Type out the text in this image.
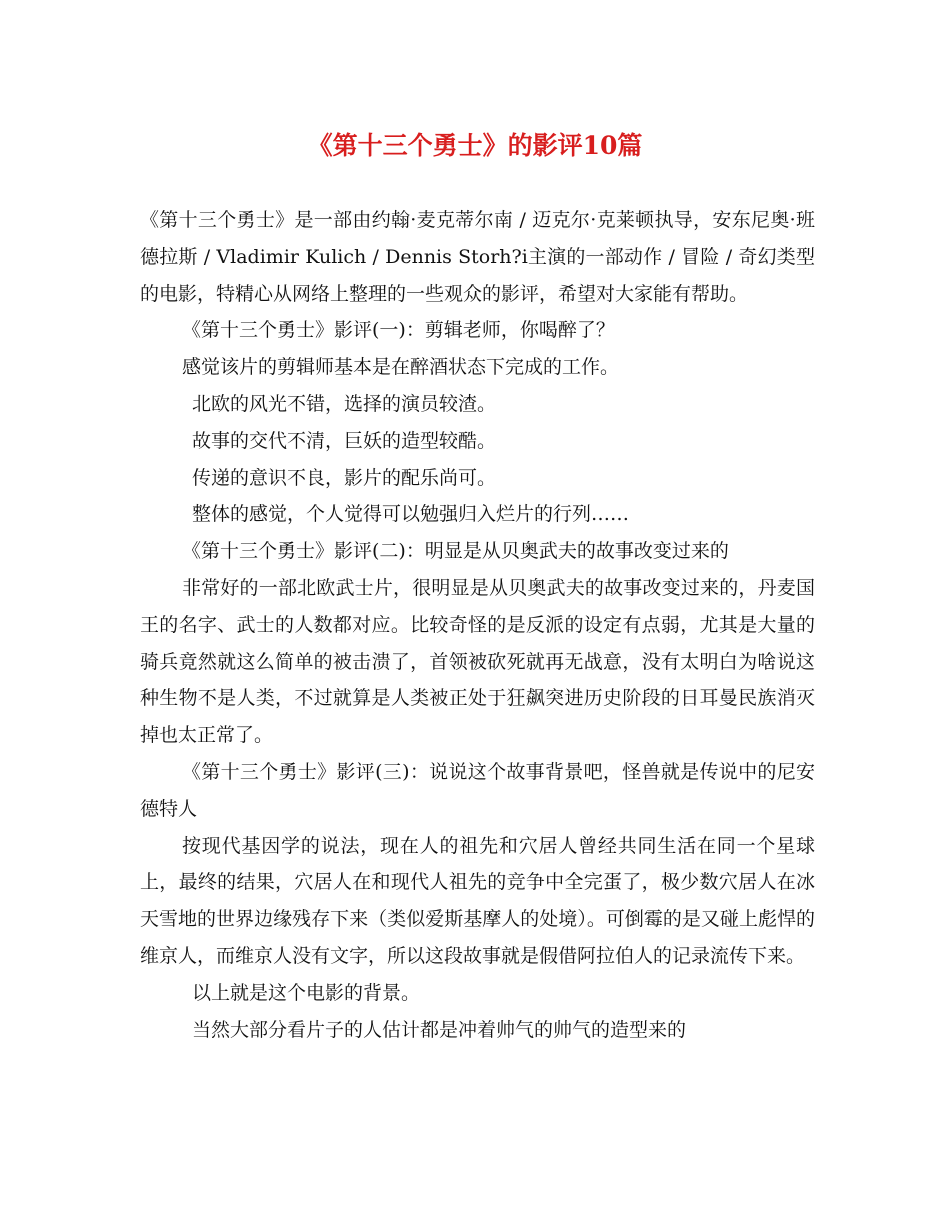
《第十三个勇士》的影评10篇

《第十三个勇士》是一部由约翰·麦克蒂尔南 / 迈克尔·克莱顿执导，安东尼奥·班德拉斯 / Vladimir Kulich / Dennis Storh?i主演的一部动作 / 冒险 / 奇幻类型的电影，特精心从网络上整理的一些观众的影评，希望对大家能有帮助。

《第十三个勇士》影评(一)：剪辑老师，你喝醉了？

感觉该片的剪辑师基本是在醉酒状态下完成的工作。

北欧的风光不错，选择的演员较渣。

故事的交代不清，巨妖的造型较酷。

传递的意识不良，影片的配乐尚可。

整体的感觉，个人觉得可以勉强归入烂片的行列……

《第十三个勇士》影评(二)：明显是从贝奥武夫的故事改变过来的

非常好的一部北欧武士片，很明显是从贝奥武夫的故事改变过来的，丹麦国王的名字、武士的人数都对应。比较奇怪的是反派的设定有点弱，尤其是大量的骑兵竟然就这么简单的被击溃了，首领被砍死就再无战意，没有太明白为啥说这种生物不是人类，不过就算是人类被正处于狂飙突进历史阶段的日耳曼民族消灭掉也太正常了。

《第十三个勇士》影评(三)：说说这个故事背景吧，怪兽就是传说中的尼安德特人

按现代基因学的说法，现在人的祖先和穴居人曾经共同生活在同一个星球上，最终的结果，穴居人在和现代人祖先的竞争中全完蛋了，极少数穴居人在冰天雪地的世界边缘残存下来（类似爱斯基摩人的处境）。可倒霉的是又碰上彪悍的维京人，而维京人没有文字，所以这段故事就是假借阿拉伯人的记录流传下来。

以上就是这个电影的背景。

当然大部分看片子的人估计都是冲着帅气的帅气的造型来的
